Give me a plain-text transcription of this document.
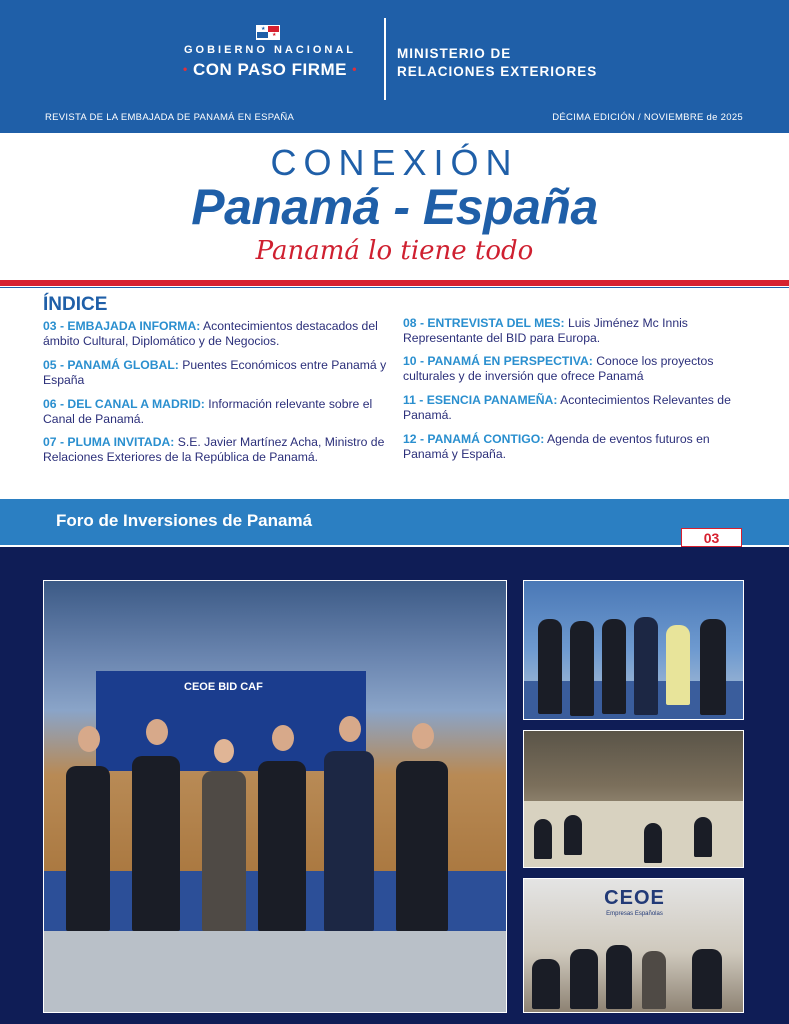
★
★
GOBIERNO NACIONAL
• CON PASO FIRME •
MINISTERIO DE
RELACIONES EXTERIORES
REVISTA DE LA EMBAJADA DE PANAMÁ EN ESPAÑA	DÉCIMA EDICIÓN / NOVIEMBRE de 2025
CONEXIÓN
Panamá - España
Panamá lo tiene todo
ÍNDICE
03 - EMBAJADA INFORMA: Acontecimientos destacados del ámbito Cultural, Diplomático y de Negocios.
05 - PANAMÁ GLOBAL: Puentes Económicos entre Panamá y España
06 - DEL CANAL A MADRID: Información relevante sobre el Canal de Panamá.
07 - PLUMA INVITADA: S.E. Javier Martínez Acha, Ministro de Relaciones Exteriores de la República de Panamá.
08 - ENTREVISTA DEL MES: Luis Jiménez Mc Innis Representante del BID para Europa.
10 - PANAMÁ EN PERSPECTIVA: Conoce los proyectos culturales y de inversión que ofrece Panamá
11 - ESENCIA PANAMEÑA: Acontecimientos Relevantes de Panamá.
12 - PANAMÁ CONTIGO: Agenda de eventos futuros en Panamá y España.
Foro de Inversiones de Panamá
03
CEOE BID CAF
CEOE
Empresas Españolas
